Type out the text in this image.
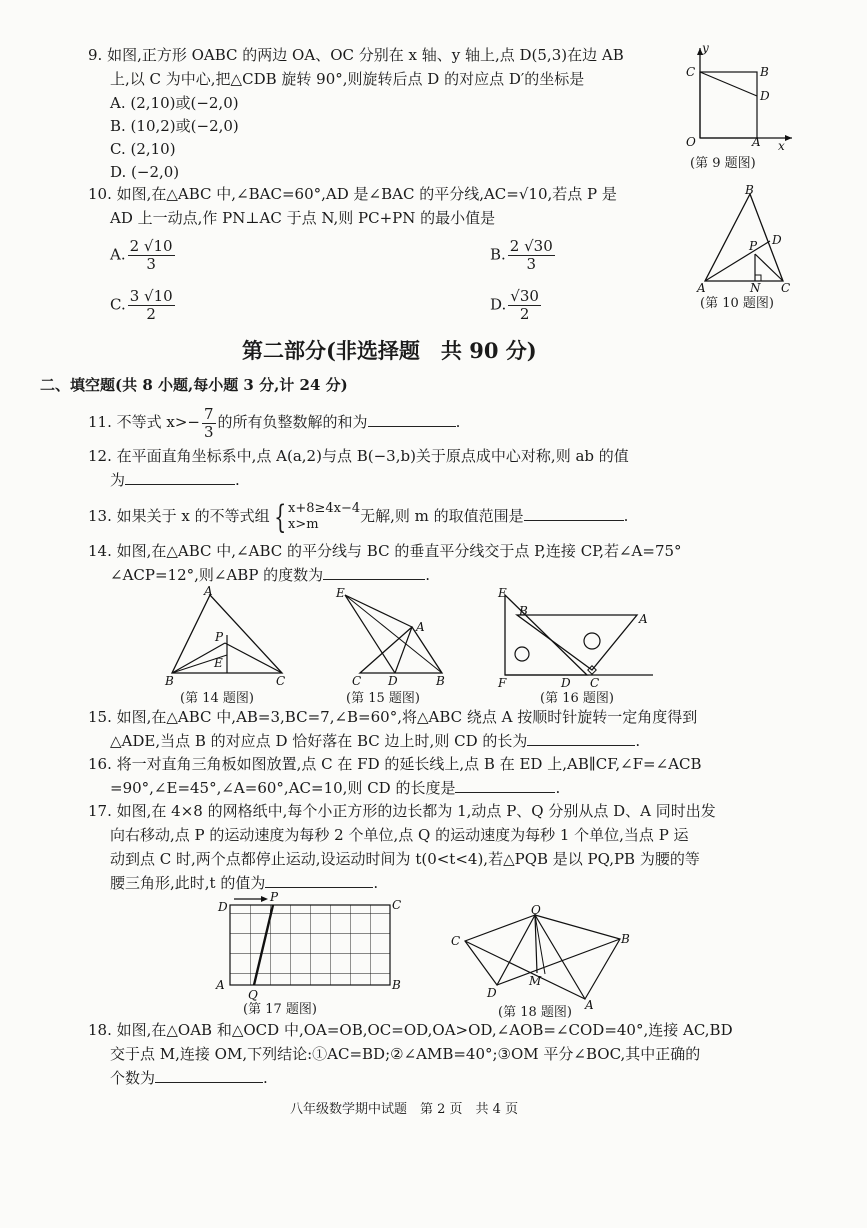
9. 如图,正方形 OABC 的两边 OA、OC 分别在 x 轴、y 轴上,点 D(5,3)在边 AB
上,以 C 为中心,把△CDB 旋转 90°,则旋转后点 D 的对应点 D′的坐标是
A. (2,10)或(−2,0)
B. (10,2)或(−2,0)
C. (2,10)
D. (−2,0)
y
x
C	B
D
O	A
(第 9 题图)
10. 如图,在△ABC 中,∠BAC=60°,AD 是∠BAC 的平分线,AC=√10,若点 P 是
AD 上一动点,作 PN⊥AC 于点 N,则 PC+PN 的最小值是
A. $\frac{2 √10}{3}$	B. $\frac{2 √30}{3}$
C. $\frac{3 √10}{2}$	D. $\frac{√30}{2}$
B
P D
A	N C
(第 10 题图)
第二部分(非选择题　共 90 分)
二、填空题(共 8 小题,每小题 3 分,计 24 分)
11. 不等式 $x>- \frac{7}{3}$ 的所有负整数解的和为	.
12. 在平面直角坐标系中,点 A(a,2)与点 B(−3,b)关于原点成中心对称,则 ab 的值
为	.
13. 如果关于 x 的不等式组 { x+8≥4x−4
x>m	无解,则 m 的取值范围是	.
14. 如图,在△ABC 中,∠ABC 的平分线与 BC 的垂直平分线交于点 P,连接 CP,若∠A=75°
∠ACP=12°,则∠ABP 的度数为	.
A
P
E
B	C
(第 14 题图)
E
A
C D	B
(第 15 题图)
E
B
A
F	D C
(第 16 题图)
15. 如图,在△ABC 中,AB=3,BC=7,∠B=60°,将△ABC 绕点 A 按顺时针旋转一定角度得到
△ADE,当点 B 的对应点 D 恰好落在 BC 边上时,则 CD 的长为	.
16. 将一对直角三角板如图放置,点 C 在 FD 的延长线上,点 B 在 ED 上,AB∥CF,∠F=∠ACB
=90°,∠E=45°,∠A=60°,AC=10,则 CD 的长度是	.
17. 如图,在 4×8 的网格纸中,每个小正方形的边长都为 1,动点 P、Q 分别从点 D、A 同时出发
向右移动,点 P 的运动速度为每秒 2 个单位,点 Q 的运动速度为每秒 1 个单位,当点 P 运
动到点 C 时,两个点都停止运动,设运动时间为 t(0<t<4),若△PQB 是以 PQ,PB 为腰的等
腰三角形,此时,t 的值为	.
D
P
C
A
Q
B
(第 17 题图)
O
C	B
M
D
A
(第 18 题图)
18. 如图,在△OAB 和△OCD 中,OA=OB,OC=OD,OA>OD,∠AOB=∠COD=40°,连接 AC,BD
交于点 M,连接 OM,下列结论:①AC=BD;②∠AMB=40°;③OM 平分∠BOC,其中正确的
个数为	.
八年级数学期中试题　第 2 页　共 4 页
